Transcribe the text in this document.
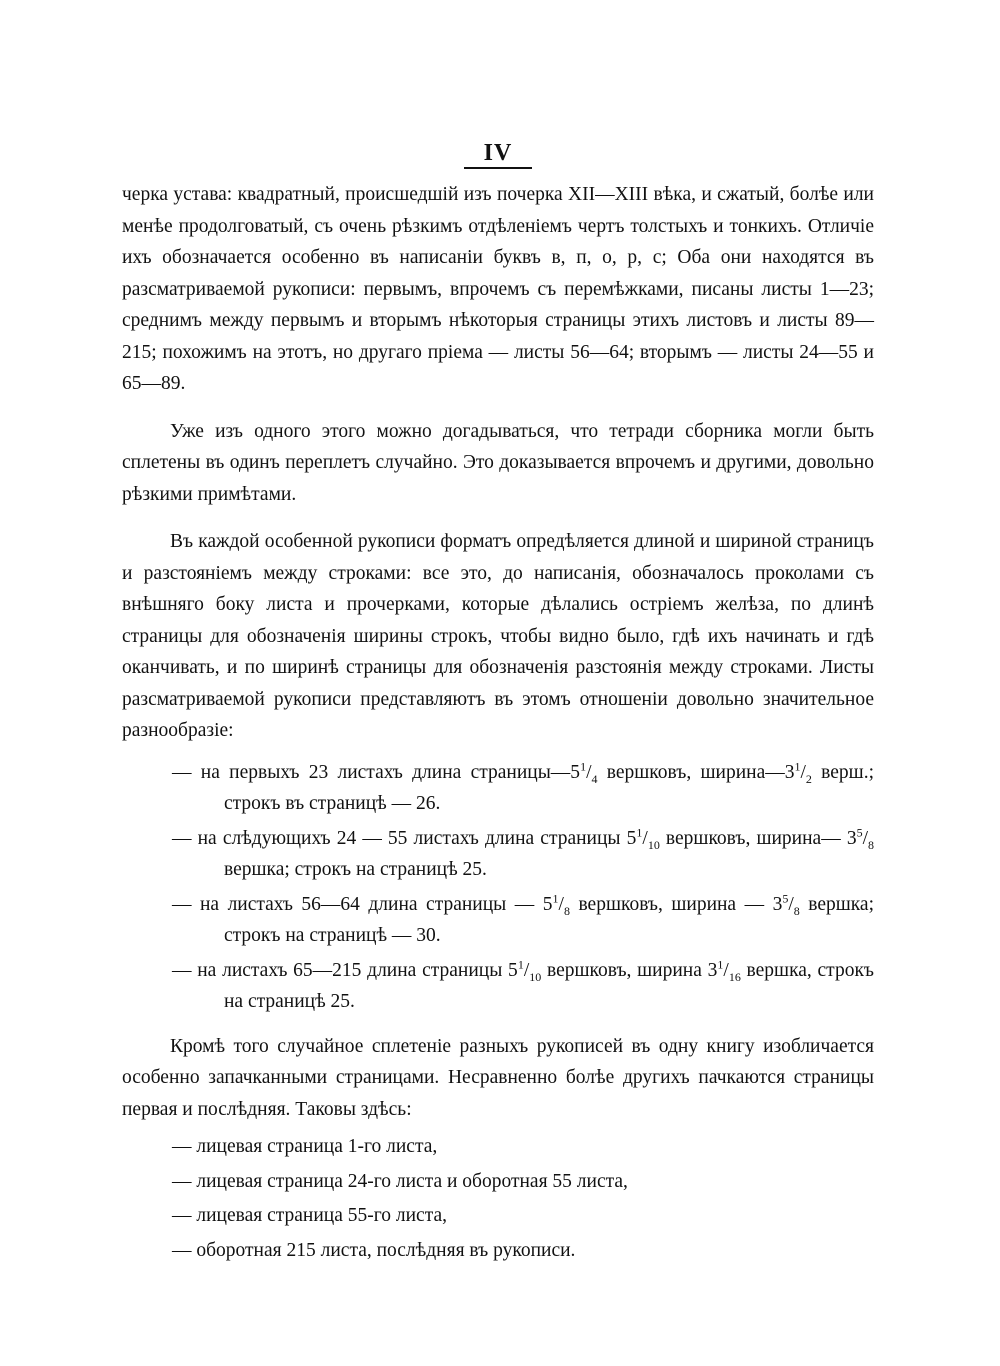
IV

черка устава: квадратный, происшедшій изъ почерка XII—XIII вѣка, и сжатый, болѣе или менѣе продолговатый, съ очень рѣзкимъ отдѣленіемъ чертъ толстыхъ и тонкихъ. Отличіе ихъ обозначается особенно въ написаніи буквъ в, п, о, р, с; Оба они находятся въ разсматриваемой рукописи: первымъ, впрочемъ съ перемѣжками, писаны листы 1—23; среднимъ между первымъ и вторымъ нѣкоторыя страницы этихъ листовъ и листы 89—215; похожимъ на этотъ, но другаго пріема — листы 56—64; вторымъ — листы 24—55 и 65—89.

Уже изъ одного этого можно догадываться, что тетради сборника могли быть сплетены въ одинъ переплетъ случайно. Это доказывается впрочемъ и другими, довольно рѣзкими примѣтами.

Въ каждой особенной рукописи форматъ опредѣляется длиной и шириной страницъ и разстояніемъ между строками: все это, до написанія, обозначалось проколами съ внѣшняго боку листа и прочерками, которые дѣлались остріемъ желѣза, по длинѣ страницы для обозначенія ширины строкъ, чтобы видно было, гдѣ ихъ начинать и гдѣ оканчивать, и по ширинѣ страницы для обозначенія разстоянія между строками. Листы разсматриваемой рукописи представляютъ въ этомъ отношеніи довольно значительное разнообразіе:

— на первыхъ 23 листахъ длина $страницы—5^1/_4$ вершковъ, $ширина—3^1/_2$ верш.; строкъ въ страницѣ — 26.
— на слѣдующихъ 24 — 55 листахъ длина страницы $5^1/_{10}$ вершковъ, ширина— $3^5/_8$ вершка; строкъ на страницѣ 25.
— на листахъ 56—64 длина страницы — $5^1/_8$ вершковъ, ширина — $3^5/_8$ вершка; строкъ на страницѣ — 30.
— на листахъ 65—215 длина страницы $5^1/_{10}$ вершковъ, ширина $3^1/_{16}$ вершка, строкъ на страницѣ 25.

Кромѣ того случайное сплетеніе разныхъ рукописей въ одну книгу изобличается особенно запачканными страницами. Несравненно болѣе другихъ пачкаются страницы первая и послѣдняя. Таковы здѣсь:

— лицевая страница 1-го листа,
— лицевая страница 24-го листа и оборотная 55 листа,
— лицевая страница 55-го листа,
— оборотная 215 листа, послѣдняя въ рукописи.
